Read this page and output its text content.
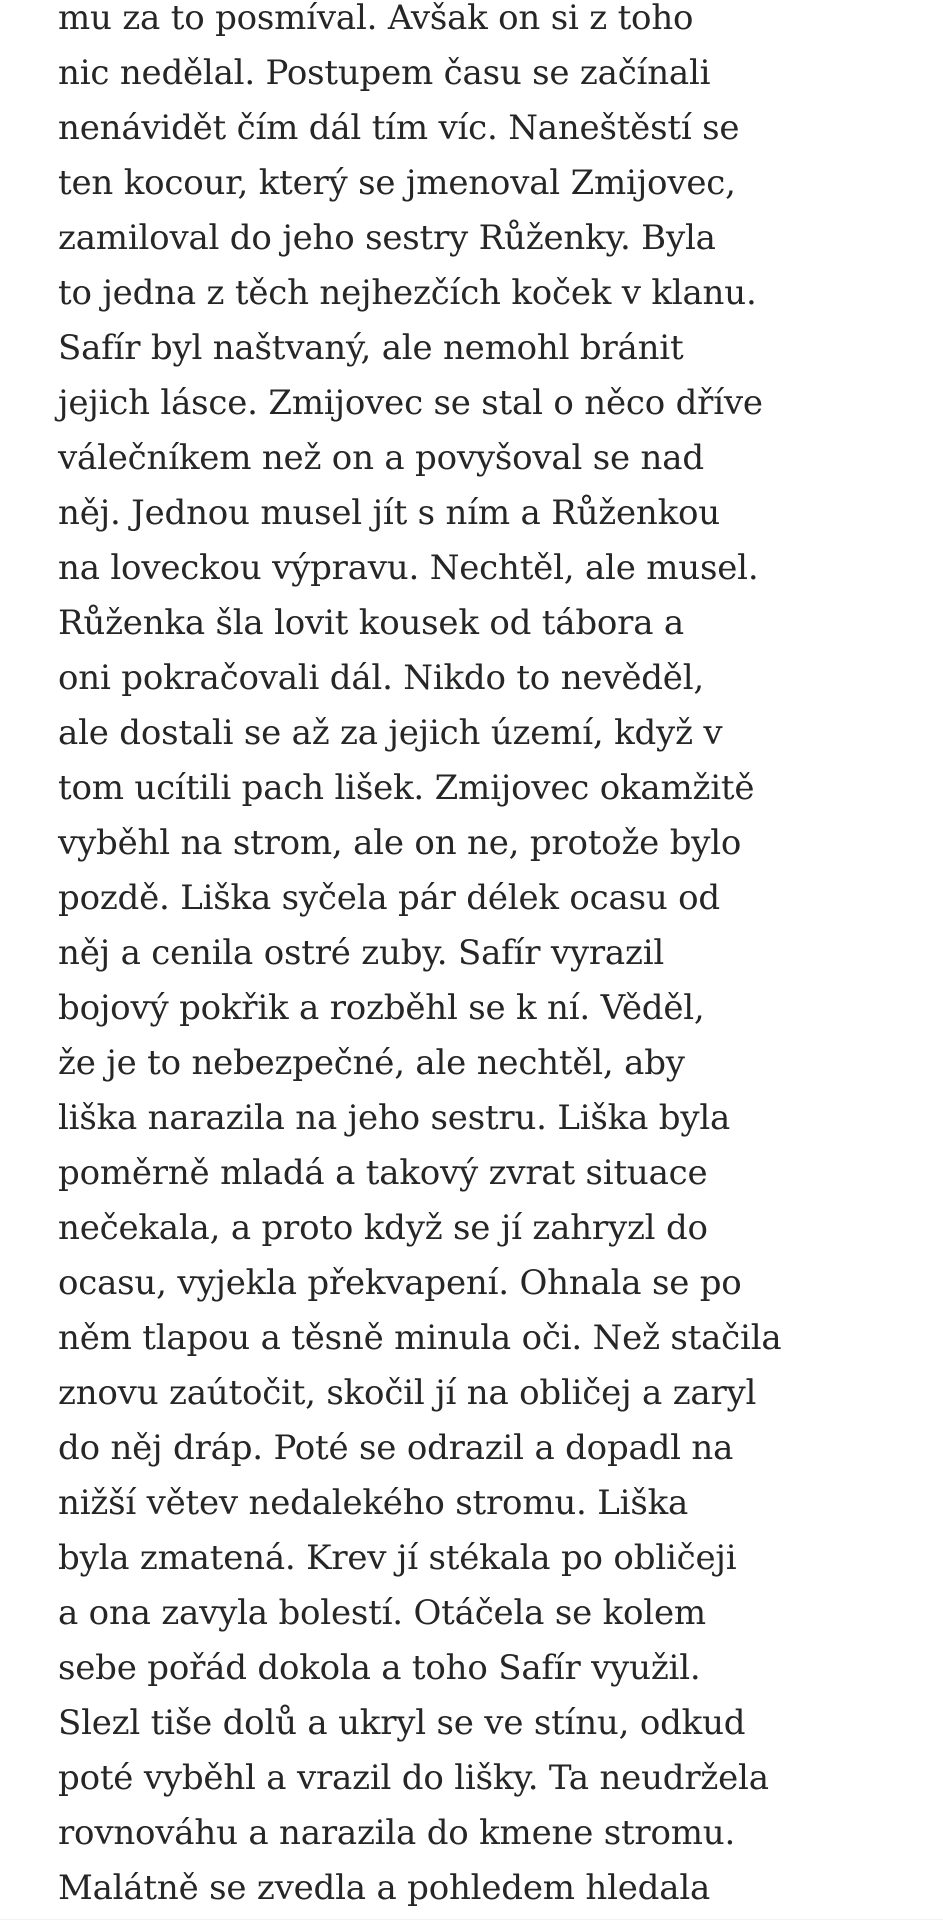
mu za to posmíval. Avšak on si z toho
nic nedělal. Postupem času se začínali
nenávidět čím dál tím víc. Naneštěstí se
ten kocour, který se jmenoval Zmijovec,
zamiloval do jeho sestry Růženky. Byla
to jedna z těch nejhezčích koček v klanu.
Safír byl naštvaný, ale nemohl bránit
jejich lásce. Zmijovec se stal o něco dříve
válečníkem než on a povyšoval se nad
něj. Jednou musel jít s ním a Růženkou
na loveckou výpravu. Nechtěl, ale musel.
Růženka šla lovit kousek od tábora a
oni pokračovali dál. Nikdo to nevěděl,
ale dostali se až za jejich území, když v
tom ucítili pach lišek. Zmijovec okamžitě
vyběhl na strom, ale on ne, protože bylo
pozdě. Liška syčela pár délek ocasu od
něj a cenila ostré zuby. Safír vyrazil
bojový pokřik a rozběhl se k ní. Věděl,
že je to nebezpečné, ale nechtěl, aby
liška narazila na jeho sestru. Liška byla
poměrně mladá a takový zvrat situace
nečekala, a proto když se jí zahryzl do
ocasu, vyjekla překvapení. Ohnala se po
něm tlapou a těsně minula oči. Než stačila
znovu zaútočit, skočil jí na obličej a zaryl
do něj dráp. Poté se odrazil a dopadl na
nižší větev nedalekého stromu. Liška
byla zmatená. Krev jí stékala po obličeji
a ona zavyla bolestí. Otáčela se kolem
sebe pořád dokola a toho Safír využil.
Slezl tiše dolů a ukryl se ve stínu, odkud
poté vyběhl a vrazil do lišky. Ta neudržela
rovnováhu a narazila do kmene stromu.
Malátně se zvedla a pohledem hledala
